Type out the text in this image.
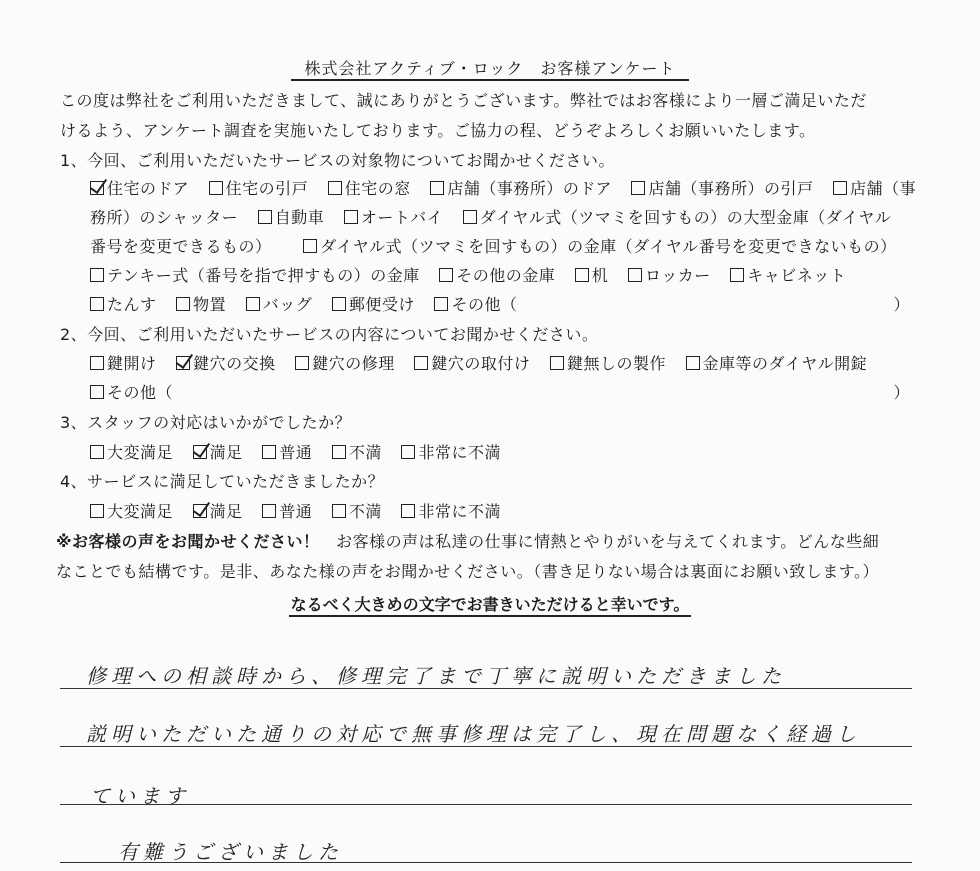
株式会社アクティブ・ロック　お客様アンケート
この度は弊社をご利用いただきまして、誠にありがとうございます。弊社ではお客様により一層ご満足いただ
けるよう、アンケート調査を実施いたしております。ご協力の程、どうぞよろしくお願いいたします。
1、今回、ご利用いただいたサービスの対象物についてお聞かせください。
住宅のドア 住宅の引戸 住宅の窓 店舗（事務所）のドア 店舗（事務所）の引戸 店舗（事
務所）のシャッター 自動車 オートバイ ダイヤル式（ツマミを回すもの）の大型金庫（ダイヤル
番号を変更できるもの）	ダイヤル式（ツマミを回すもの）の金庫（ダイヤル番号を変更できないもの）
テンキー式（番号を指で押すもの）の金庫 その他の金庫 机 ロッカー キャビネット
たんす 物置 バッグ 郵便受け その他（	）
2、今回、ご利用いただいたサービスの内容についてお聞かせください。
鍵開け 鍵穴の交換 鍵穴の修理 鍵穴の取付け 鍵無しの製作 金庫等のダイヤル開錠
その他（	）
3、スタッフの対応はいかがでしたか？
大変満足 満足 普通 不満 非常に不満
4、サービスに満足していただきましたか？
大変満足 満足 普通 不満 非常に不満
※お客様の声をお聞かせください！　お客様の声は私達の仕事に情熱とやりがいを与えてくれます。どんな些細
なことでも結構です。是非、あなた様の声をお聞かせください。（書き足りない場合は裏面にお願い致します。）
なるべく大きめの文字でお書きいただけると幸いです。
修理への相談時から、修理完了まで丁寧に説明いただきました
説明いただいた通りの対応で無事修理は完了し、現在問題なく経過し
ています
有難うございました
